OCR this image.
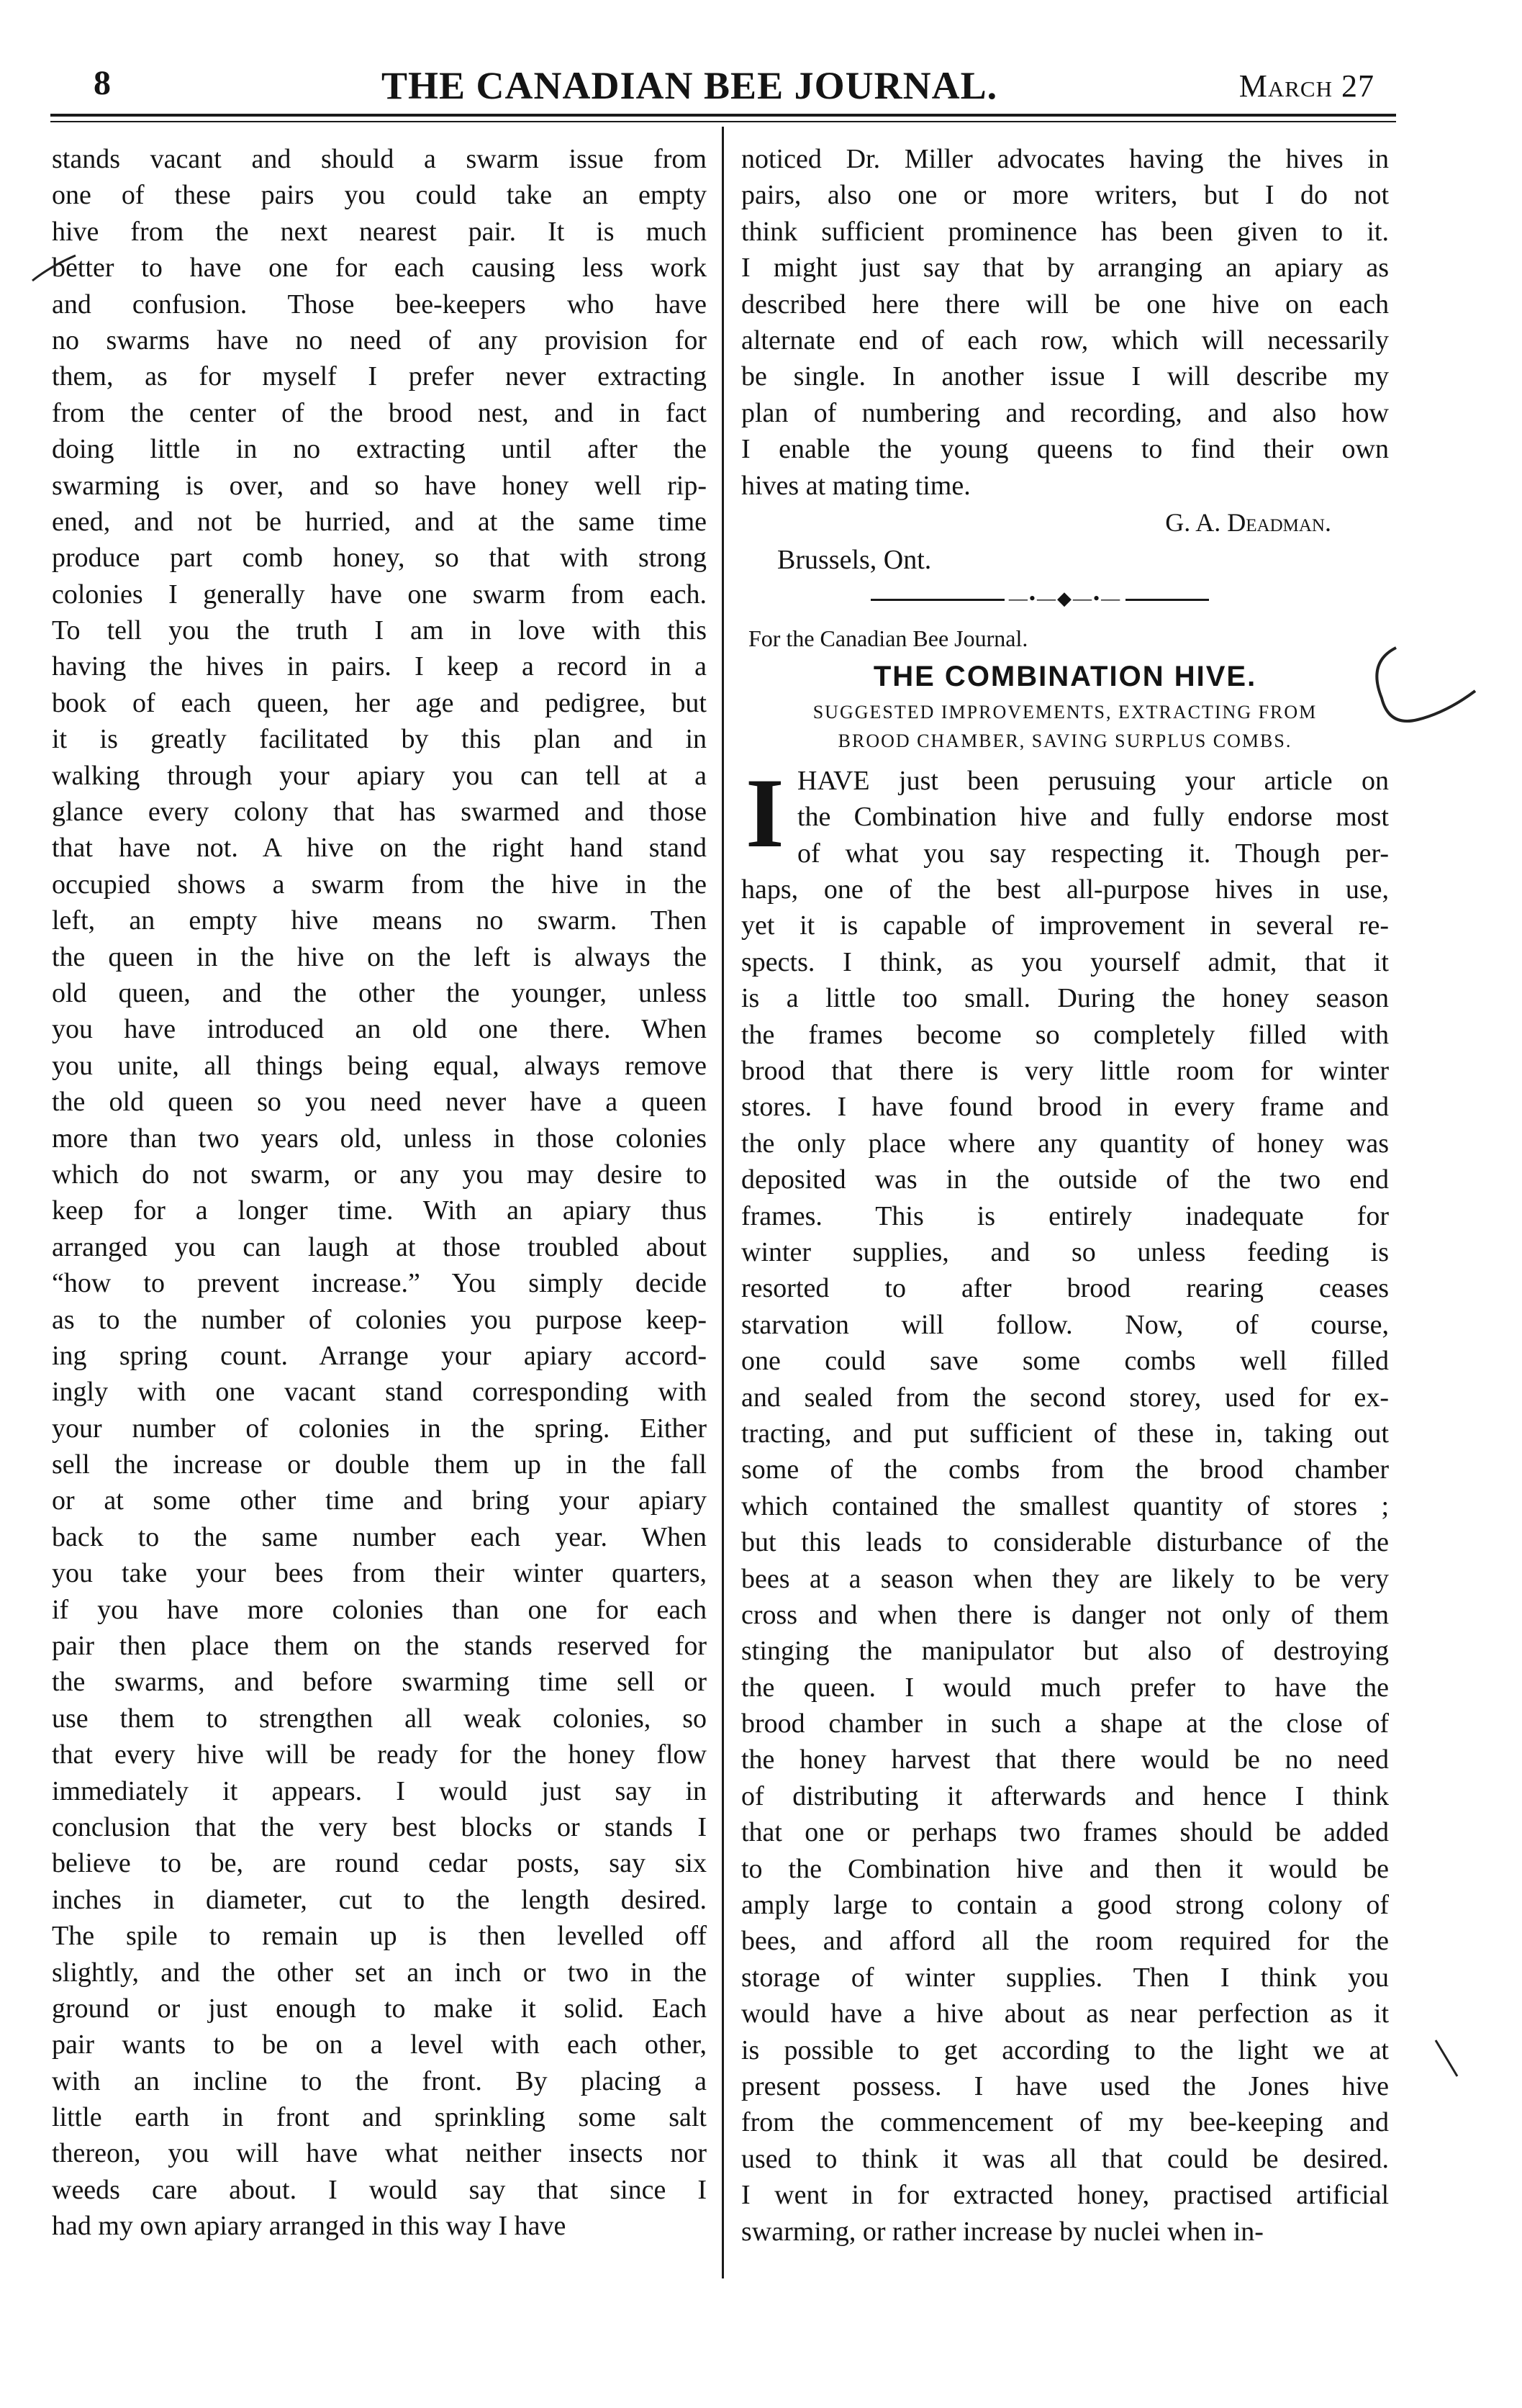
8	THE CANADIAN BEE JOURNAL.	March 27
stands vacant and should a swarm issue from
one of these pairs you could take an empty
hive from the next nearest pair. It is much
better to have one for each causing less work
and confusion. Those bee-keepers who have
no swarms have no need of any provision for
them, as for myself I prefer never extracting
from the center of the brood nest, and in fact
doing little in no extracting until after the
swarming is over, and so have honey well rip-
ened, and not be hurried, and at the same time
produce part comb honey, so that with strong
colonies I generally have one swarm from each.
To tell you the truth I am in love with this
having the hives in pairs. I keep a record in a
book of each queen, her age and pedigree, but
it is greatly facilitated by this plan and in
walking through your apiary you can tell at a
glance every colony that has swarmed and those
that have not. A hive on the right hand stand
occupied shows a swarm from the hive in the
left, an empty hive means no swarm. Then
the queen in the hive on the left is always the
old queen, and the other the younger, unless
you have introduced an old one there. When
you unite, all things being equal, always remove
the old queen so you need never have a queen
more than two years old, unless in those colonies
which do not swarm, or any you may desire to
keep for a longer time. With an apiary thus
arranged you can laugh at those troubled about
“how to prevent increase.” You simply decide
as to the number of colonies you purpose keep-
ing spring count. Arrange your apiary accord-
ingly with one vacant stand corresponding with
your number of colonies in the spring. Either
sell the increase or double them up in the fall
or at some other time and bring your apiary
back to the same number each year. When
you take your bees from their winter quarters,
if you have more colonies than one for each
pair then place them on the stands reserved for
the swarms, and before swarming time sell or
use them to strengthen all weak colonies, so
that every hive will be ready for the honey flow
immediately it appears. I would just say in
conclusion that the very best blocks or stands I
believe to be, are round cedar posts, say six
inches in diameter, cut to the length desired.
The spile to remain up is then levelled off
slightly, and the other set an inch or two in the
ground or just enough to make it solid. Each
pair wants to be on a level with each other,
with an incline to the front. By placing a
little earth in front and sprinkling some salt
thereon, you will have what neither insects nor
weeds care about. I would say that since I
had my own apiary arranged in this way I have
noticed Dr. Miller advocates having the hives in
pairs, also one or more writers, but I do not
think sufficient prominence has been given to it.
I might just say that by arranging an apiary as
described here there will be one hive on each
alternate end of each row, which will necessarily
be single. In another issue I will describe my
plan of numbering and recording, and also how
I enable the young queens to find their own
hives at mating time.
G. A. Deadman.
Brussels, Ont.
—•—◆—•—
For the Canadian Bee Journal.
THE COMBINATION HIVE.
SUGGESTED IMPROVEMENTS, EXTRACTING FROM
BROOD CHAMBER, SAVING SURPLUS COMBS.
I HAVE just been perusuing your article on
the Combination hive and fully endorse most
of what you say respecting it. Though per-
haps, one of the best all-purpose hives in use,
yet it is capable of improvement in several re-
spects. I think, as you yourself admit, that it
is a little too small. During the honey season
the frames become so completely filled with
brood that there is very little room for winter
stores. I have found brood in every frame and
the only place where any quantity of honey was
deposited was in the outside of the two end
frames. This is entirely inadequate for
winter supplies, and so unless feeding is
resorted to after brood rearing ceases
starvation will follow. Now, of course,
one could save some combs well filled
and sealed from the second storey, used for ex-
tracting, and put sufficient of these in, taking out
some of the combs from the brood chamber
which contained the smallest quantity of stores ;
but this leads to considerable disturbance of the
bees at a season when they are likely to be very
cross and when there is danger not only of them
stinging the manipulator but also of destroying
the queen. I would much prefer to have the
brood chamber in such a shape at the close of
the honey harvest that there would be no need
of distributing it afterwards and hence I think
that one or perhaps two frames should be added
to the Combination hive and then it would be
amply large to contain a good strong colony of
bees, and afford all the room required for the
storage of winter supplies. Then I think you
would have a hive about as near perfection as it
is possible to get according to the light we at
present possess. I have used the Jones hive
from the commencement of my bee-keeping and
used to think it was all that could be desired.
I went in for extracted honey, practised artificial
swarming, or rather increase by nuclei when in-
